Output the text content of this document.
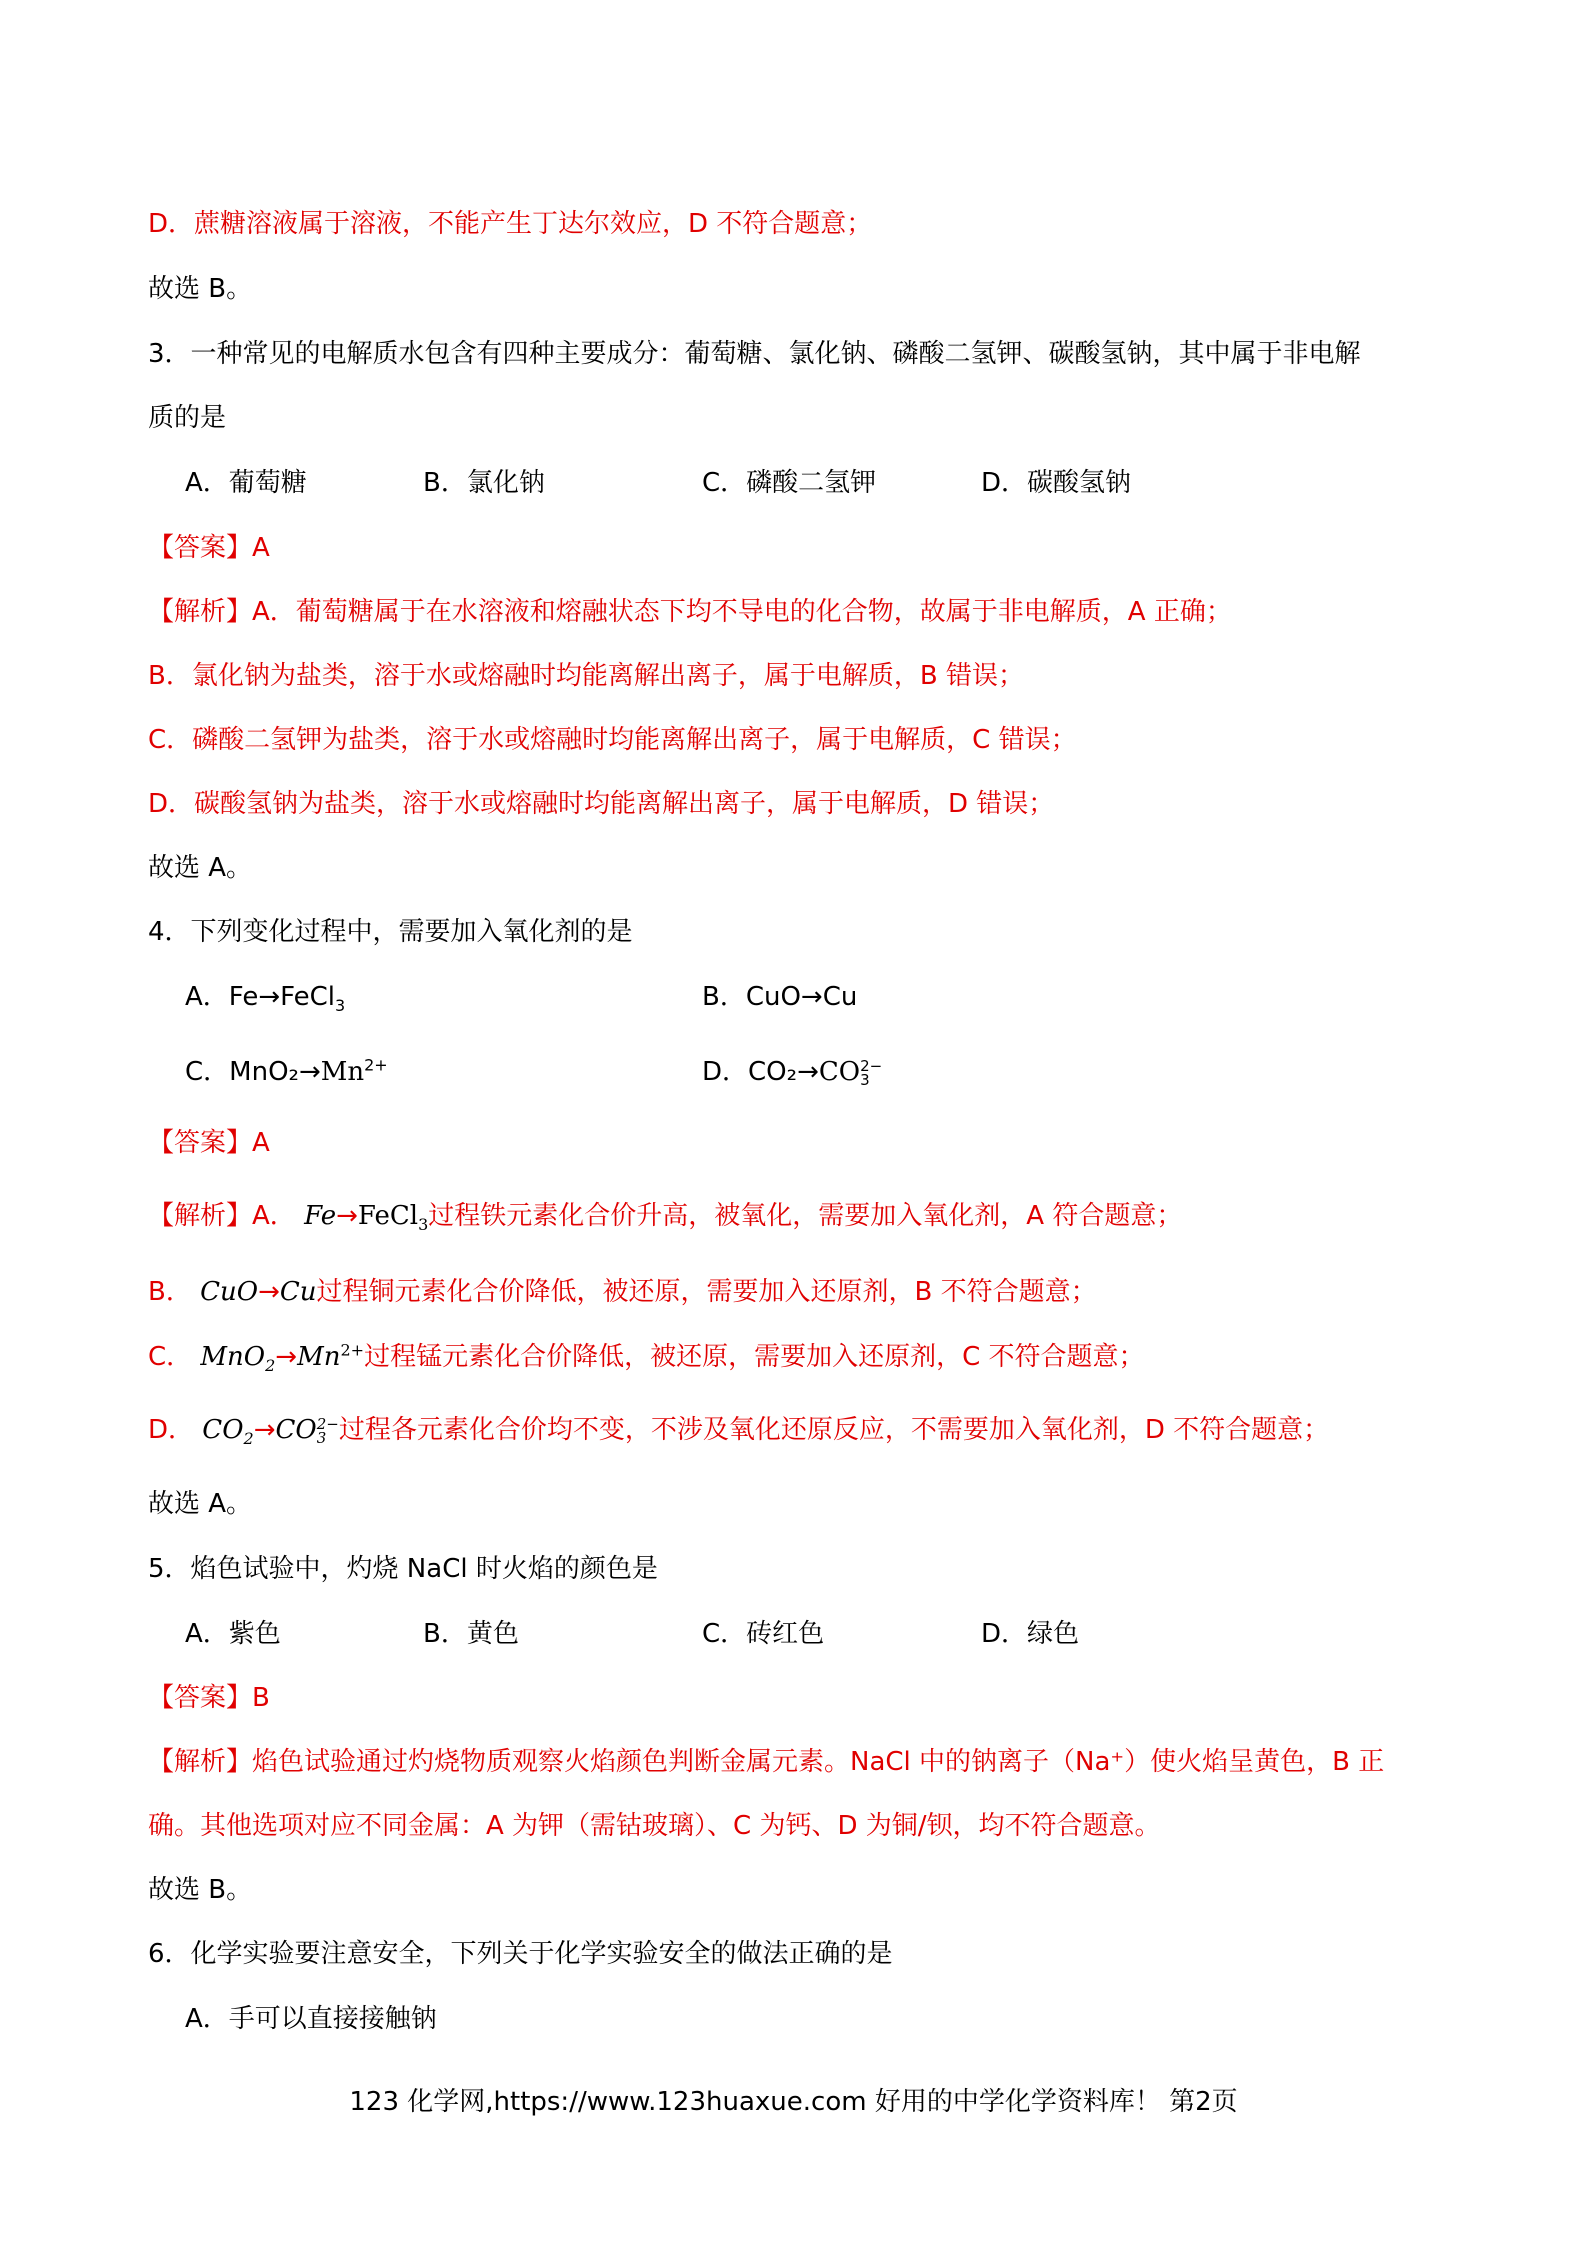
D．蔗糖溶液属于溶液，不能产生丁达尔效应，D 不符合题意；
故选 B。
3．一种常见的电解质水包含有四种主要成分：葡萄糖、氯化钠、磷酸二氢钾、碳酸氢钠，其中属于非电解
质的是
A．葡萄糖	B．氯化钠	C．磷酸二氢钾	D．碳酸氢钠
【答案】A
【解析】A．葡萄糖属于在水溶液和熔融状态下均不导电的化合物，故属于非电解质，A 正确；
B．氯化钠为盐类，溶于水或熔融时均能离解出离子，属于电解质，B 错误；
C．磷酸二氢钾为盐类，溶于水或熔融时均能离解出离子，属于电解质，C 错误；
D．碳酸氢钠为盐类，溶于水或熔融时均能离解出离子，属于电解质，D 错误；
故选 A。
4．下列变化过程中，需要加入氧化剂的是
A．Fe→FeCl$_3$	B．CuO→Cu
C．$MnO_2\to Mn^{2+}$	D．CO₂→CO 2−
3
【答案】A
【解析】A． Fe→FeCl$_3$过程铁元素化合价升高，被氧化，需要加入氧化剂，A 符合题意；
B． CuO→Cu过程铜元素化合价降低，被还原，需要加入还原剂，B 不符合题意；
C． $MnO_2\to Mn^{2+}$过程锰元素化合价降低，被还原，需要加入还原剂，C 不符合题意；
D． $CO_2\to CO$ 2−
3 过程各元素化合价均不变，不涉及氧化还原反应，不需要加入氧化剂，D 不符合题意；
故选 A。
5．焰色试验中，灼烧 NaCl 时火焰的颜色是
A．紫色	B．黄色	C．砖红色	D．绿色
【答案】B
【解析】焰色试验通过灼烧物质观察火焰颜色判断金属元素。NaCl 中的钠离子（Na⁺）使火焰呈黄色，B 正
确。其他选项对应不同金属：A 为钾（需钴玻璃）、C 为钙、D 为铜/钡，均不符合题意。
故选 B。
6．化学实验要注意安全，下列关于化学实验安全的做法正确的是
A．手可以直接接触钠
123 化学网,https://www.123huaxue.com 好用的中学化学资料库！ 第2页
